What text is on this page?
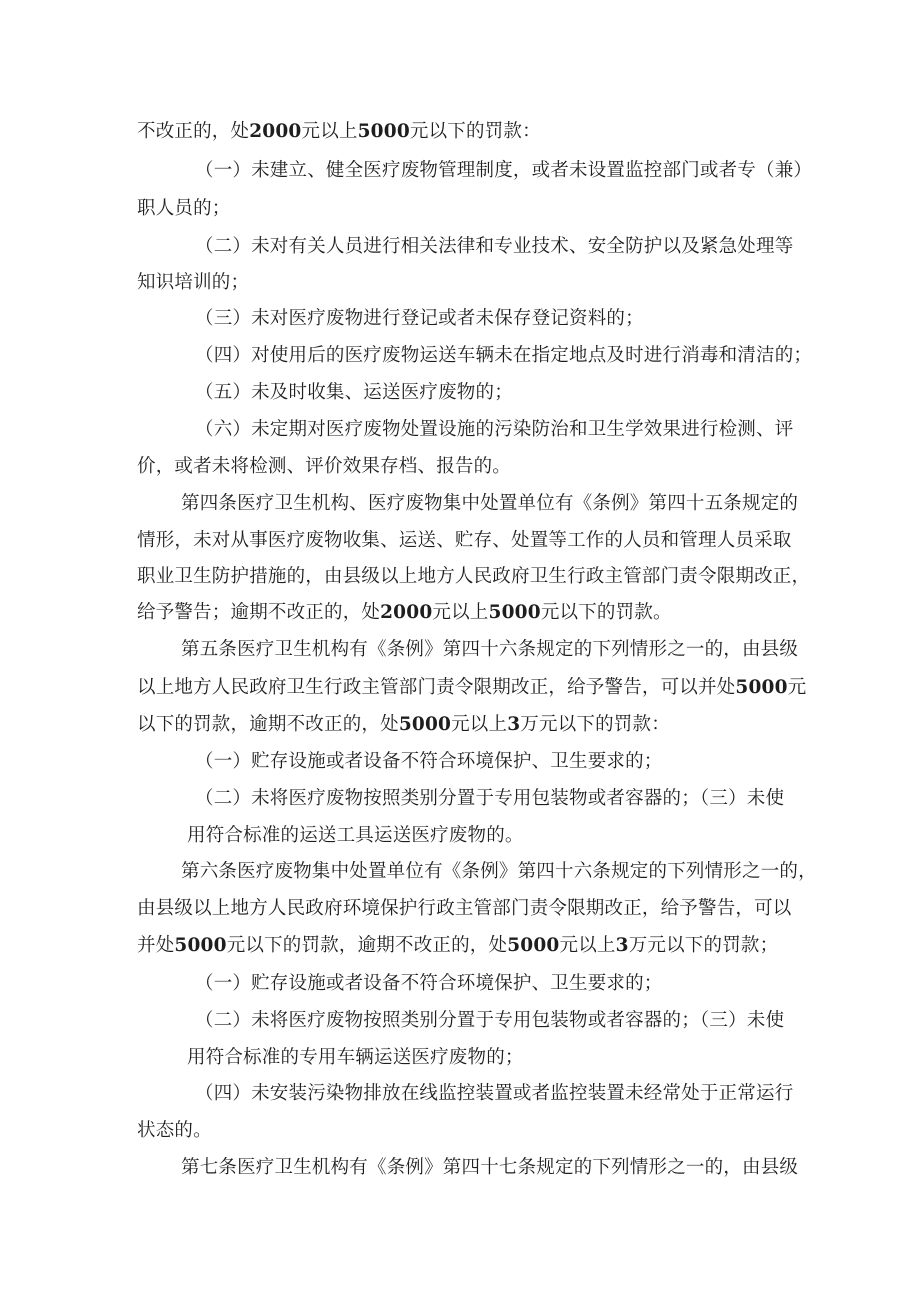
不改正的，处2000元以上5000元以下的罚款：
（一）未建立、健全医疗废物管理制度，或者未设置监控部门或者专（兼）
职人员的；
（二）未对有关人员进行相关法律和专业技术、安全防护以及紧急处理等
知识培训的；
（三）未对医疗废物进行登记或者未保存登记资料的；
（四）对使用后的医疗废物运送车辆未在指定地点及时进行消毒和清洁的；
（五）未及时收集、运送医疗废物的；
（六）未定期对医疗废物处置设施的污染防治和卫生学效果进行检测、评
价，或者未将检测、评价效果存档、报告的。
第四条医疗卫生机构、医疗废物集中处置单位有《条例》第四十五条规定的
情形，未对从事医疗废物收集、运送、贮存、处置等工作的人员和管理人员采取
职业卫生防护措施的，由县级以上地方人民政府卫生行政主管部门责令限期改正，
给予警告；逾期不改正的，处2000元以上5000元以下的罚款。
第五条医疗卫生机构有《条例》第四十六条规定的下列情形之一的，由县级
以上地方人民政府卫生行政主管部门责令限期改正，给予警告，可以并处5000元
以下的罚款，逾期不改正的，处5000元以上3万元以下的罚款：
（一）贮存设施或者设备不符合环境保护、卫生要求的；
（二）未将医疗废物按照类别分置于专用包装物或者容器的；（三）未使
用符合标准的运送工具运送医疗废物的。
第六条医疗废物集中处置单位有《条例》第四十六条规定的下列情形之一的，
由县级以上地方人民政府环境保护行政主管部门责令限期改正，给予警告，可以
并处5000元以下的罚款，逾期不改正的，处5000元以上3万元以下的罚款；
（一）贮存设施或者设备不符合环境保护、卫生要求的；
（二）未将医疗废物按照类别分置于专用包装物或者容器的；（三）未使
用符合标准的专用车辆运送医疗废物的；
（四）未安装污染物排放在线监控装置或者监控装置未经常处于正常运行
状态的。
第七条医疗卫生机构有《条例》第四十七条规定的下列情形之一的，由县级
